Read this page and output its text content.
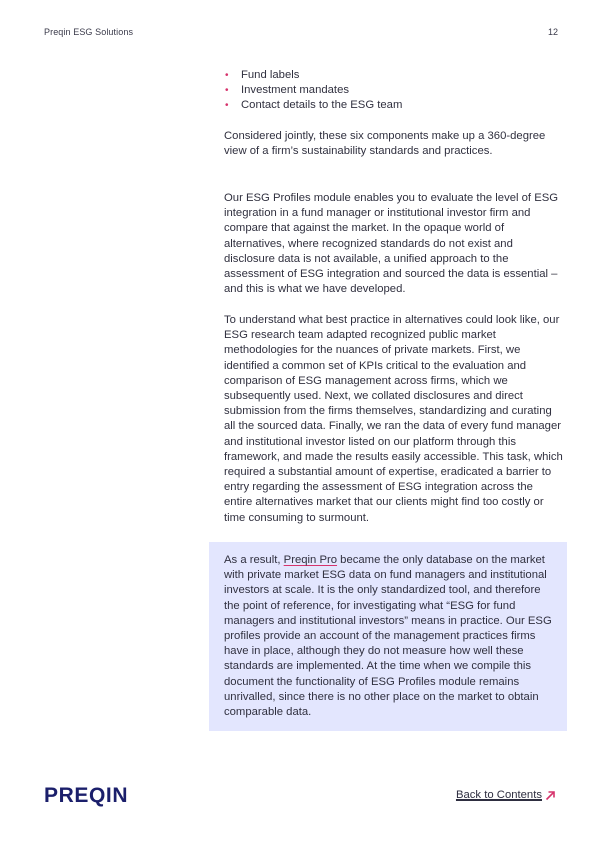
Preqin ESG Solutions	12
• Fund labels
• Investment mandates
• Contact details to the ESG team

Considered jointly, these six components make up a 360-degree view of a firm’s sustainability standards and practices.

Our ESG Profiles module enables you to evaluate the level of ESG integration in a fund manager or institutional investor firm and compare that against the market. In the opaque world of alternatives, where recognized standards do not exist and disclosure data is not available, a unified approach to the assessment of ESG integration and sourced the data is essential – and this is what we have developed.

To understand what best practice in alternatives could look like, our ESG research team adapted recognized public market methodologies for the nuances of private markets. First, we identified a common set of KPIs critical to the evaluation and comparison of ESG management across firms, which we subsequently used. Next, we collated disclosures and direct submission from the firms themselves, standardizing and curating all the sourced data. Finally, we ran the data of every fund manager and institutional investor listed on our platform through this framework, and made the results easily accessible. This task, which required a substantial amount of expertise, eradicated a barrier to entry regarding the assessment of ESG integration across the entire alternatives market that our clients might find too costly or time consuming to surmount.

As a result, Preqin Pro became the only database on the market with private market ESG data on fund managers and institutional investors at scale. It is the only standardized tool, and therefore the point of reference, for investigating what “ESG for fund managers and institutional investors” means in practice. Our ESG profiles provide an account of the management practices firms have in place, although they do not measure how well these standards are implemented. At the time when we compile this document the functionality of ESG Profiles module remains unrivalled, since there is no other place on the market to obtain comparable data.

PREQIN	Back to Contents
